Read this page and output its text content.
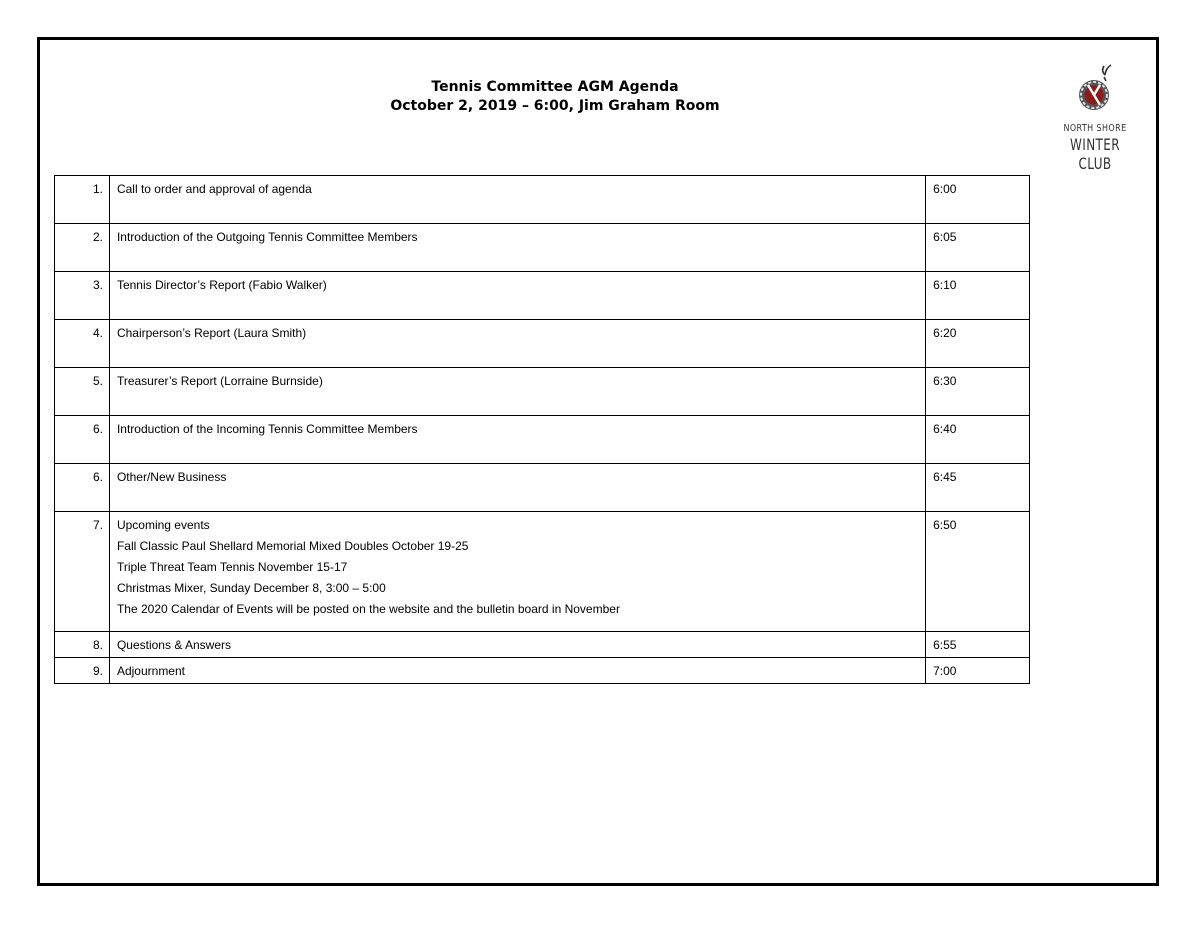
Tennis Committee AGM Agenda
October 2, 2019 – 6:00, Jim Graham Room
NORTH SHORE
WINTER CLUB
1.	Call to order and approval of agenda	6:00
2.	Introduction of the Outgoing Tennis Committee Members	6:05
3.	Tennis Director’s Report (Fabio Walker)	6:10
4.	Chairperson’s Report (Laura Smith)	6:20
5.	Treasurer’s Report (Lorraine Burnside)	6:30
6.	Introduction of the Incoming Tennis Committee Members	6:40
6.	Other/New Business	6:45
7.	Upcoming events
Fall Classic Paul Shellard Memorial Mixed Doubles October 19-25
Triple Threat Team Tennis November 15-17
Christmas Mixer, Sunday December 8, 3:00 – 5:00
The 2020 Calendar of Events will be posted on the website and the bulletin board in November	6:50
8.	Questions & Answers	6:55
9.	Adjournment	7:00
